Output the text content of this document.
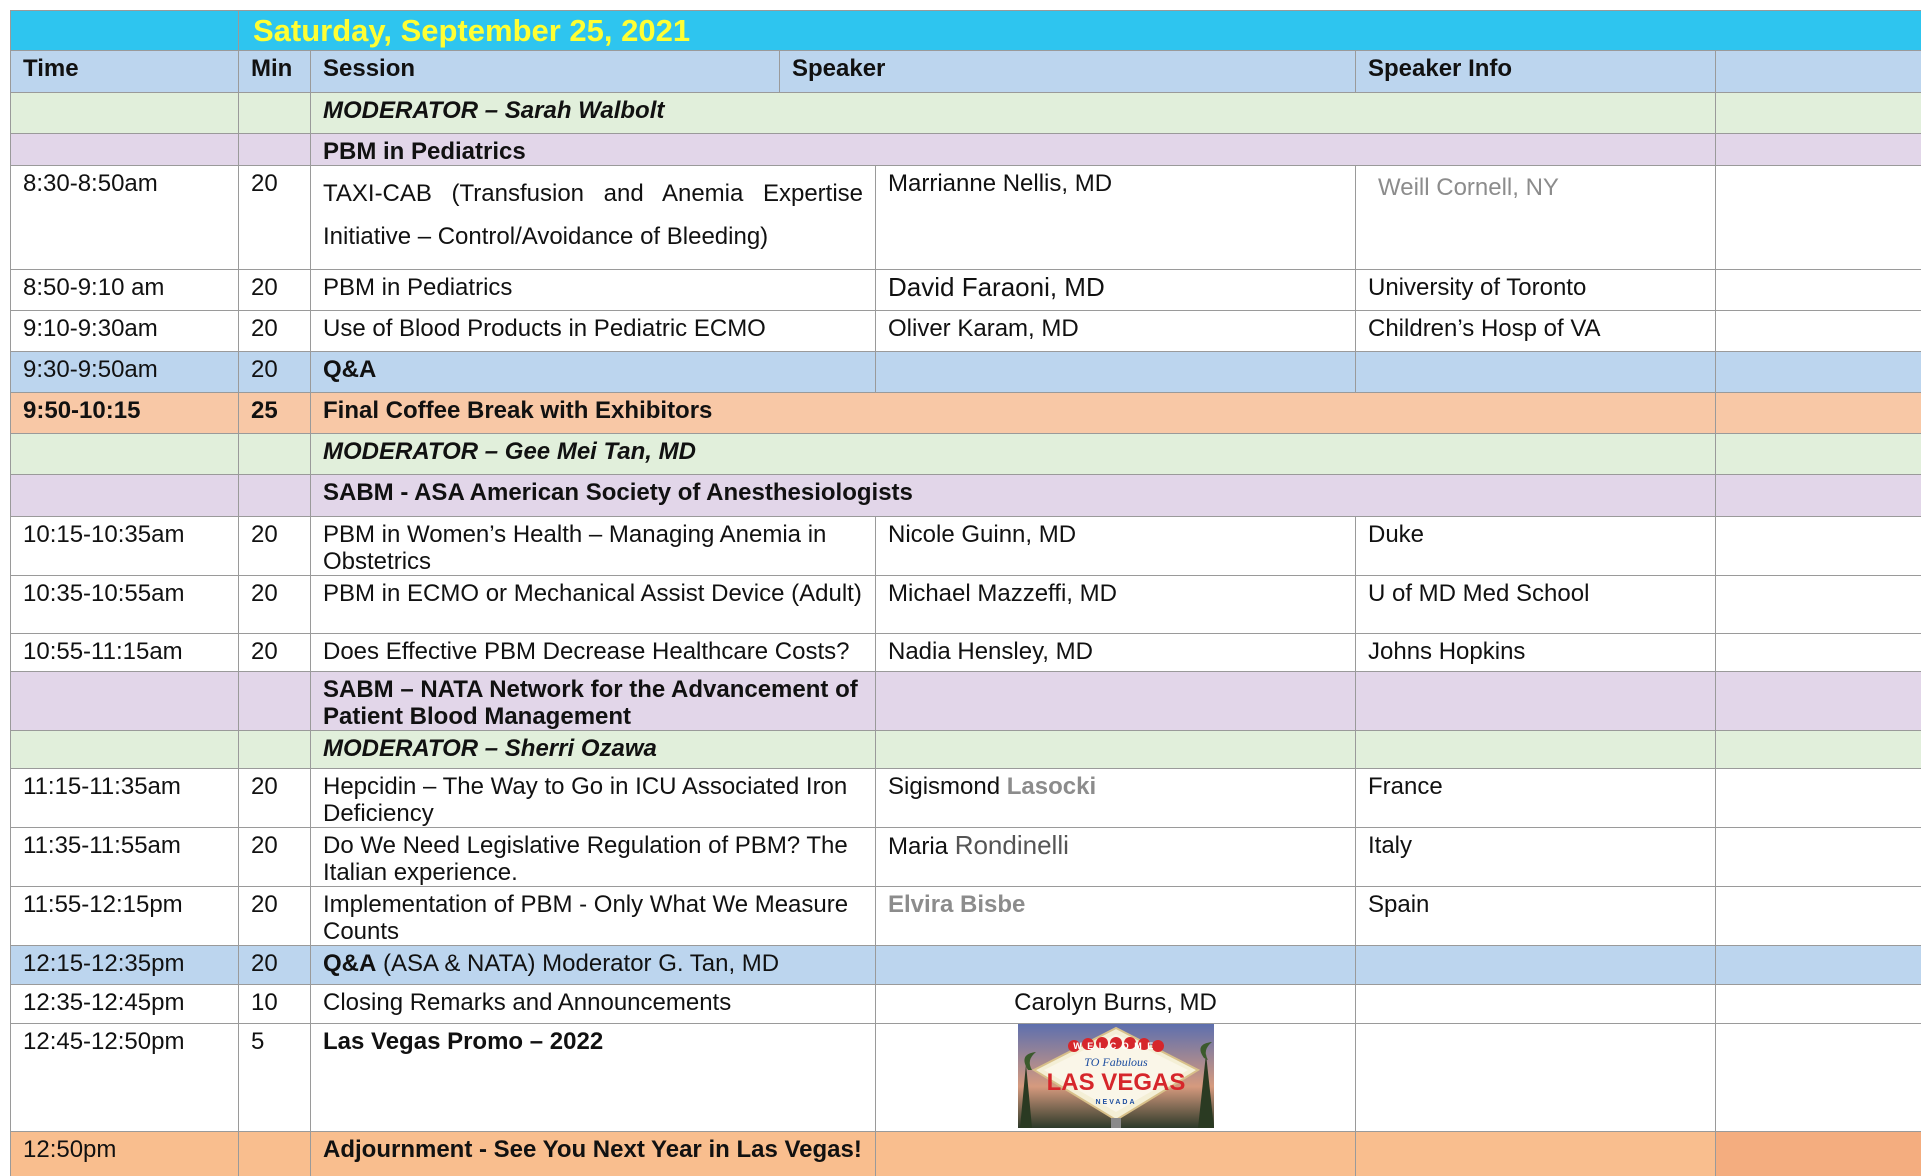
	Saturday, September 25, 2021					
Time	Min	Session	Speaker		Speaker Info	
		MODERATOR – Sarah Walbolt				
		PBM in Pediatrics				
8:30-8:50am	20	TAXI-CAB (Transfusion and Anemia Expertise Initiative – Control/Avoidance of Bleeding)		Marrianne Nellis, MD	Weill Cornell, NY	
8:50-9:10 am	20	PBM in Pediatrics		David Faraoni, MD	University of Toronto	
9:10-9:30am	20	Use of Blood Products in Pediatric ECMO		Oliver Karam, MD	Children’s Hosp of VA	
9:30-9:50am	20	Q&A				
9:50-10:15	25	Final Coffee Break with Exhibitors				
		MODERATOR – Gee Mei Tan, MD				
		SABM - ASA American Society of Anesthesiologists				
10:15-10:35am	20	PBM in Women’s Health – Managing Anemia in Obstetrics		Nicole Guinn, MD	Duke	
10:35-10:55am	20	PBM in ECMO or Mechanical Assist Device (Adult)		Michael Mazzeffi, MD	U of MD Med School	
10:55-11:15am	20	Does Effective PBM Decrease Healthcare Costs?		Nadia Hensley, MD	Johns Hopkins	
		SABM – NATA Network for the Advancement of Patient Blood Management				
		MODERATOR – Sherri Ozawa				
11:15-11:35am	20	Hepcidin – The Way to Go in ICU Associated Iron Deficiency		Sigismond Lasocki	France	
11:35-11:55am	20	Do We Need Legislative Regulation of PBM? The Italian experience.		Maria Rondinelli	Italy	
11:55-12:15pm	20	Implementation of PBM - Only What We Measure Counts		Elvira Bisbe	Spain	
12:15-12:35pm	20	Q&A (ASA & NATA) Moderator G. Tan, MD				
12:35-12:45pm	10	Closing Remarks and Announcements		Carolyn Burns, MD		
12:45-12:50pm	5	Las Vegas Promo – 2022		WELCOME
TO Fabulous
LAS VEGAS
NEVADA		

12:50pm		Adjournment - See You Next Year in Las Vegas!				
